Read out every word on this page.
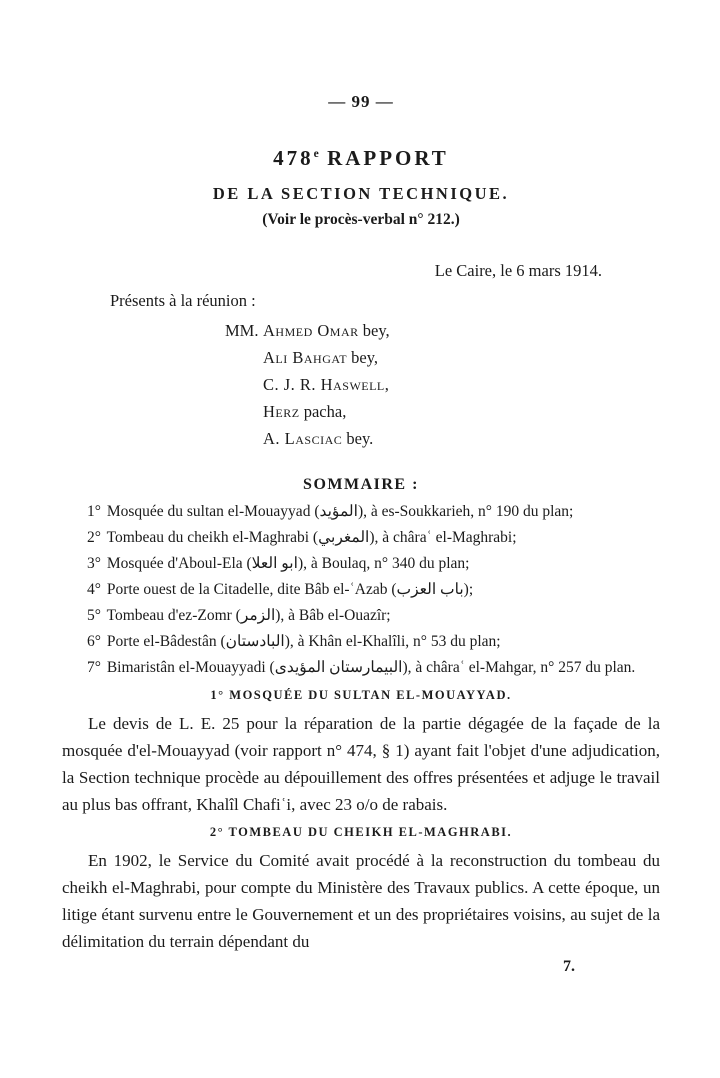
— 99 —
478e RAPPORT
DE LA SECTION TECHNIQUE.
(Voir le procès-verbal n° 212.)
Le Caire, le 6 mars 1914.
Présents à la réunion :
MM. Ahmed Omar bey,
Ali Bahgat bey,
C. J. R. Haswell,
Herz pacha,
A. Lasciac bey.
SOMMAIRE :
1° Mosquée du sultan el-Mouayyad (المؤيد), à es-Soukkarieh, n° 190 du plan;
2° Tombeau du cheikh el-Maghrabi (المغربي), à châraʿ el-Maghrabi;
3° Mosquée d'Aboul-Ela (ابو العلا), à Boulaq, n° 340 du plan;
4° Porte ouest de la Citadelle, dite Bâb el-ʿAzab (باب العزب);
5° Tombeau d'ez-Zomr (الزمر), à Bâb el-Ouazîr;
6° Porte el-Bâdestân (البادستان), à Khân el-Khalîli, n° 53 du plan;
7° Bimaristân el-Mouayyadi (البيمارستان المؤيدى), à châraʿ el-Mahgar, n° 257 du plan.
1° MOSQUÉE DU SULTAN EL-MOUAYYAD.

Le devis de L. E. 25 pour la réparation de la partie dégagée de la façade de la mosquée d'el-Mouayyad (voir rapport n° 474, § 1) ayant fait l'objet d'une adjudication, la Section technique procède au dépouillement des offres présentées et adjuge le travail au plus bas offrant, Khalîl Chafiʿi, avec 23 o/o de rabais.

2° TOMBEAU DU CHEIKH EL-MAGHRABI.

En 1902, le Service du Comité avait procédé à la reconstruction du tombeau du cheikh el-Maghrabi, pour compte du Ministère des Travaux publics. A cette époque, un litige étant survenu entre le Gouvernement et un des propriétaires voisins, au sujet de la délimitation du terrain dépendant du

7.
